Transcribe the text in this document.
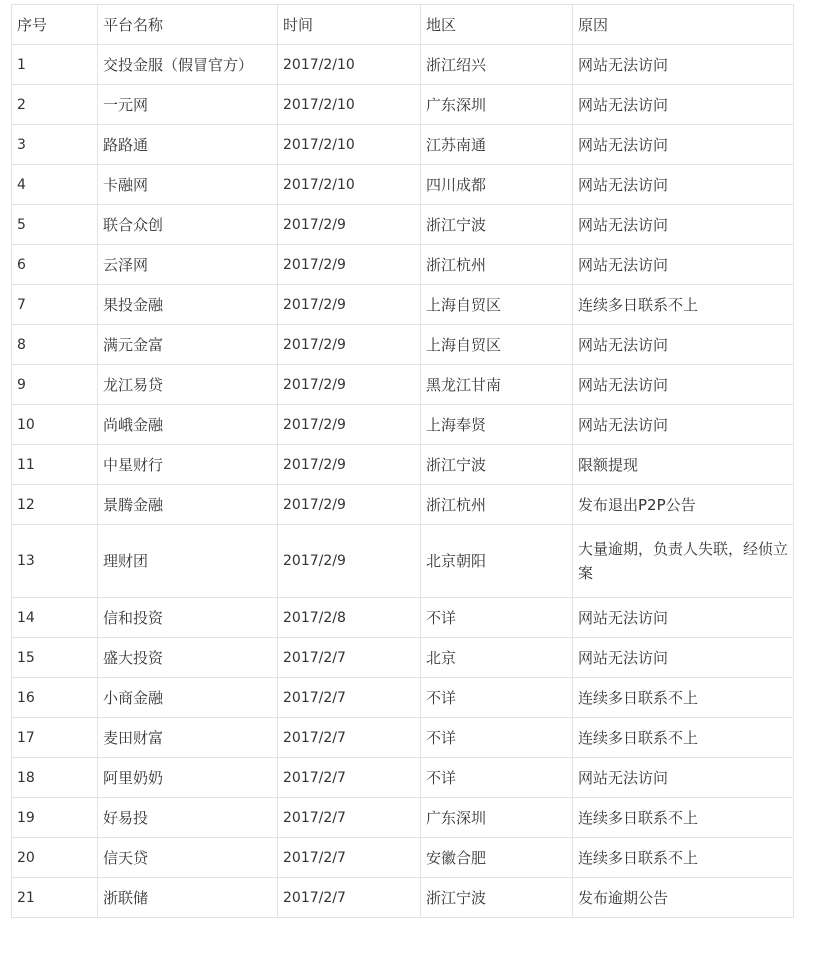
序号	平台名称	时间	地区	原因
1	交投金服（假冒官方）	2017/2/10	浙江绍兴	网站无法访问
2	一元网	2017/2/10	广东深圳	网站无法访问
3	路路通	2017/2/10	江苏南通	网站无法访问
4	卡融网	2017/2/10	四川成都	网站无法访问
5	联合众创	2017/2/9	浙江宁波	网站无法访问
6	云泽网	2017/2/9	浙江杭州	网站无法访问
7	果投金融	2017/2/9	上海自贸区	连续多日联系不上
8	满元金富	2017/2/9	上海自贸区	网站无法访问
9	龙江易贷	2017/2/9	黑龙江甘南	网站无法访问
10	尚峨金融	2017/2/9	上海奉贤	网站无法访问
11	中星财行	2017/2/9	浙江宁波	限额提现
12	景腾金融	2017/2/9	浙江杭州	发布退出P2P公告
13	理财团	2017/2/9	北京朝阳	大量逾期，负责人失联，经侦立案
14	信和投资	2017/2/8	不详	网站无法访问
15	盛大投资	2017/2/7	北京	网站无法访问
16	小商金融	2017/2/7	不详	连续多日联系不上
17	麦田财富	2017/2/7	不详	连续多日联系不上
18	阿里奶奶	2017/2/7	不详	网站无法访问
19	好易投	2017/2/7	广东深圳	连续多日联系不上
20	信天贷	2017/2/7	安徽合肥	连续多日联系不上
21	浙联储	2017/2/7	浙江宁波	发布逾期公告
